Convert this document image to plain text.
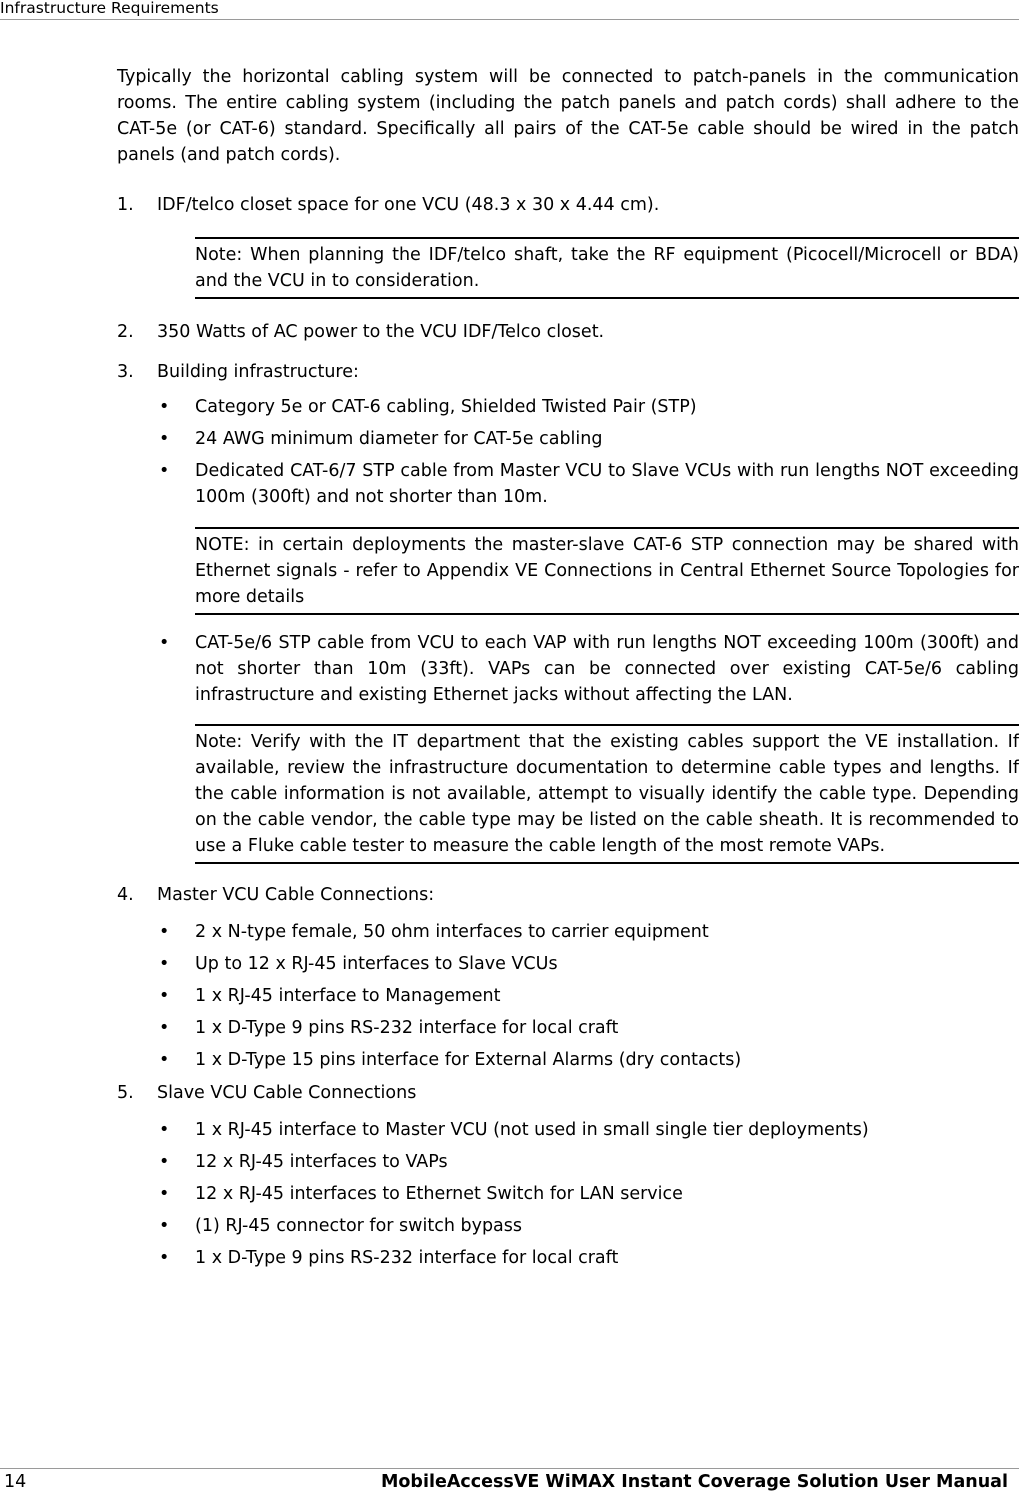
Infrastructure Requirements

Typically the horizontal cabling system will be connected to patch-panels in the communication rooms. The entire cabling system (including the patch panels and patch cords) shall adhere to the CAT-5e (or CAT-6) standard. Specifically all pairs of the CAT-5e cable should be wired in the patch panels (and patch cords).

1. IDF/telco closet space for one VCU (48.3 x 30 x 4.44 cm).
Note: When planning the IDF/telco shaft, take the RF equipment (Picocell/Microcell or BDA) and the VCU in to consideration.
2. 350 Watts of AC power to the VCU IDF/Telco closet.
3. Building infrastructure:
• Category 5e or CAT-6 cabling, Shielded Twisted Pair (STP)
• 24 AWG minimum diameter for CAT-5e cabling
• Dedicated CAT-6/7 STP cable from Master VCU to Slave VCUs with run lengths NOT exceeding 100m (300ft) and not shorter than 10m.
NOTE: in certain deployments the master-slave CAT-6 STP connection may be shared with Ethernet signals - refer to Appendix VE Connections in Central Ethernet Source Topologies for more details
• CAT-5e/6 STP cable from VCU to each VAP with run lengths NOT exceeding 100m (300ft) and not shorter than 10m (33ft). VAPs can be connected over existing CAT-5e/6 cabling infrastructure and existing Ethernet jacks without affecting the LAN.
Note: Verify with the IT department that the existing cables support the VE installation. If available, review the infrastructure documentation to determine cable types and lengths. If the cable information is not available, attempt to visually identify the cable type. Depending on the cable vendor, the cable type may be listed on the cable sheath. It is recommended to use a Fluke cable tester to measure the cable length of the most remote VAPs.
4. Master VCU Cable Connections:
• 2 x N-type female, 50 ohm interfaces to carrier equipment
• Up to 12 x RJ-45 interfaces to Slave VCUs
• 1 x RJ-45 interface to Management
• 1 x D-Type 9 pins RS-232 interface for local craft
• 1 x D-Type 15 pins interface for External Alarms (dry contacts)
5. Slave VCU Cable Connections
• 1 x RJ-45 interface to Master VCU (not used in small single tier deployments)
• 12 x RJ-45 interfaces to VAPs
• 12 x RJ-45 interfaces to Ethernet Switch for LAN service
• (1) RJ-45 connector for switch bypass
• 1 x D-Type 9 pins RS-232 interface for local craft
14	MobileAccessVE WiMAX Instant Coverage Solution User Manual
